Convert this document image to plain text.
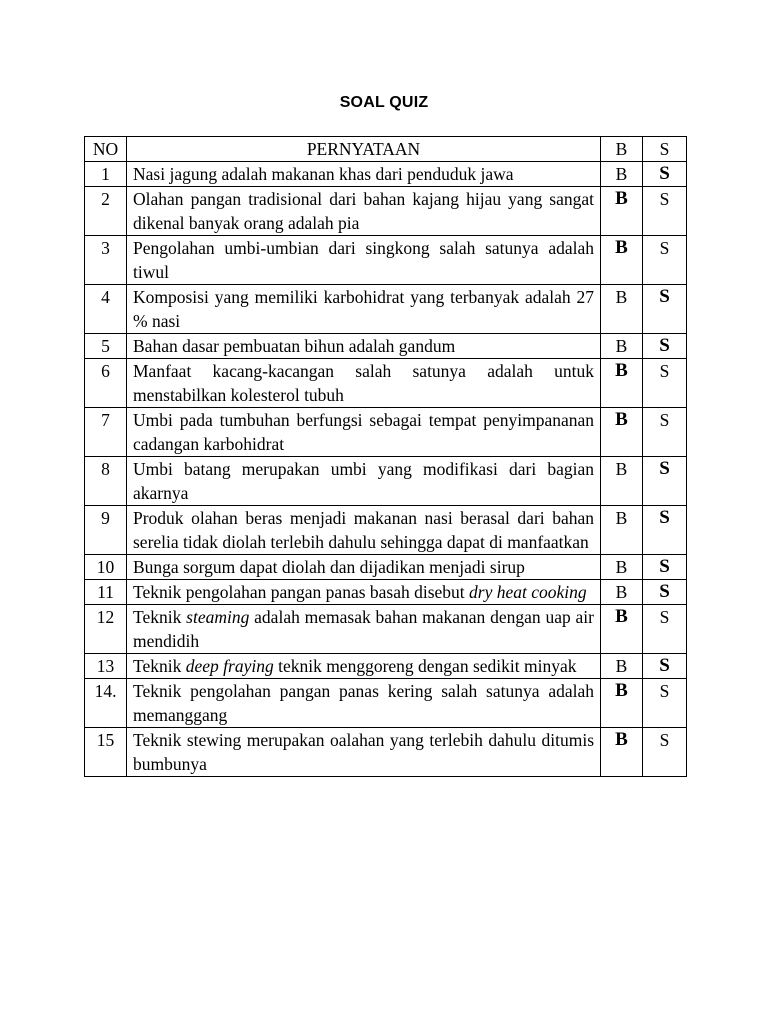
SOAL QUIZ
NO	PERNYATAAN	B	S
1	Nasi jagung adalah makanan khas dari penduduk jawa	B	S
2	Olahan pangan tradisional dari bahan kajang hijau yang sangat dikenal banyak orang adalah pia	B	S
3	Pengolahan umbi-umbian dari singkong salah satunya adalah tiwul	B	S
4	Komposisi yang memiliki karbohidrat yang terbanyak adalah 27 % nasi	B	S
5	Bahan dasar pembuatan bihun adalah gandum	B	S
6	Manfaat kacang-kacangan salah satunya adalah untuk menstabilkan kolesterol tubuh	B	S
7	Umbi pada tumbuhan berfungsi sebagai tempat penyimpananan cadangan karbohidrat	B	S
8	Umbi batang merupakan umbi yang modifikasi dari bagian akarnya	B	S
9	Produk olahan beras menjadi makanan nasi berasal dari bahan serelia tidak diolah terlebih dahulu sehingga dapat di manfaatkan	B	S
10	Bunga sorgum dapat diolah dan dijadikan menjadi sirup	B	S
11	Teknik pengolahan pangan panas basah disebut dry heat cooking	B	S
12	Teknik steaming adalah memasak bahan makanan dengan uap air mendidih	B	S
13	Teknik deep fraying teknik menggoreng dengan sedikit minyak	B	S
14.	Teknik pengolahan pangan panas kering salah satunya adalah memanggang	B	S
15	Teknik stewing merupakan oalahan yang terlebih dahulu ditumis bumbunya	B	S
